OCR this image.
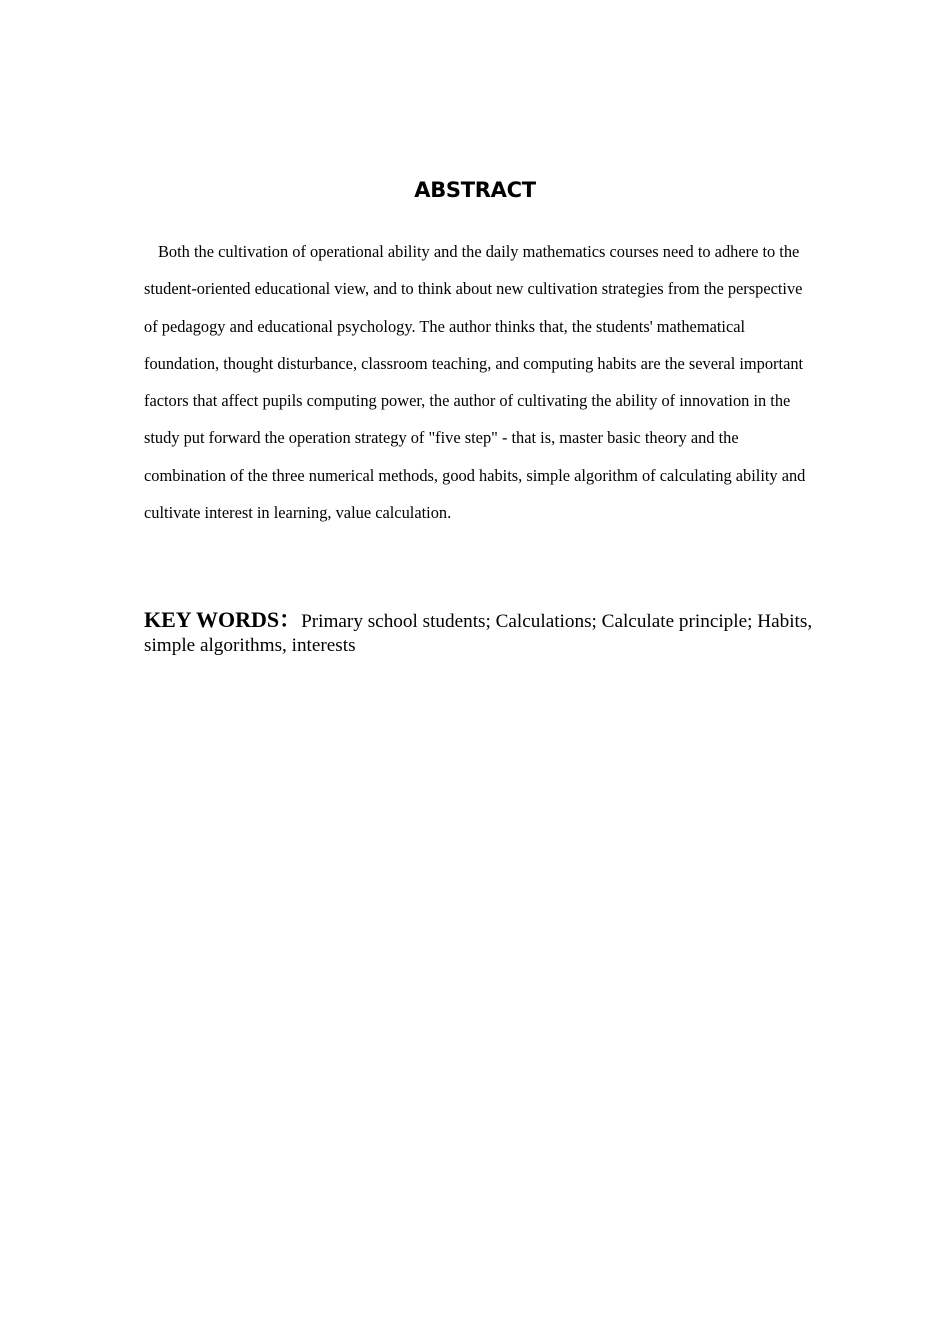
ABSTRACT

Both the cultivation of operational ability and the daily mathematics courses need to adhere to the student-oriented educational view, and to think about new cultivation strategies from the perspective of pedagogy and educational psychology. The author thinks that, the students' mathematical foundation, thought disturbance, classroom teaching, and computing habits are the several important factors that affect pupils computing power, the author of cultivating the ability of innovation in the study put forward the operation strategy of "five step" - that is, master basic theory and the combination of the three numerical methods, good habits, simple algorithm of calculating ability and cultivate interest in learning, value calculation.

KEY WORDS：Primary school students; Calculations; Calculate principle; Habits, simple algorithms, interests
